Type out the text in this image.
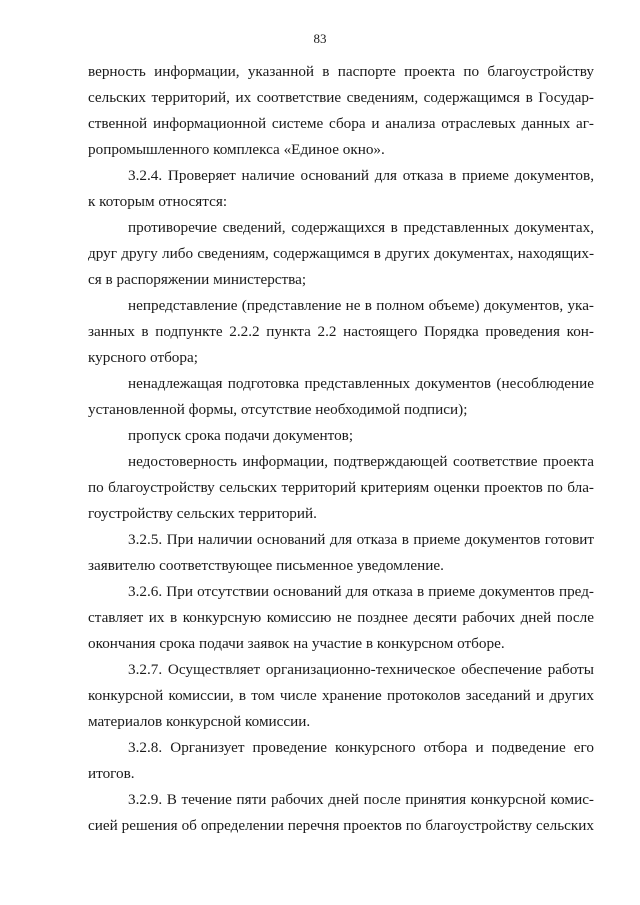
83
верность информации, указанной в паспорте проекта по благоустройству
сельских территорий, их соответствие сведениям, содержащимся в Государ-
ственной информационной системе сбора и анализа отраслевых данных аг-
ропромышленного комплекса «Единое окно».
3.2.4. Проверяет наличие оснований для отказа в приеме документов,
к которым относятся:
противоречие сведений, содержащихся в представленных документах,
друг другу либо сведениям, содержащимся в других документах, находящих-
ся в распоряжении министерства;
непредставление (представление не в полном объеме) документов, ука-
занных в подпункте 2.2.2 пункта 2.2 настоящего Порядка проведения кон-
курсного отбора;
ненадлежащая подготовка представленных документов (несоблюдение
установленной формы, отсутствие необходимой подписи);
пропуск срока подачи документов;
недостоверность информации, подтверждающей соответствие проекта
по благоустройству сельских территорий критериям оценки проектов по бла-
гоустройству сельских территорий.
3.2.5. При наличии оснований для отказа в приеме документов готовит
заявителю соответствующее письменное уведомление.
3.2.6. При отсутствии оснований для отказа в приеме документов пред-
ставляет их в конкурсную комиссию не позднее десяти рабочих дней после
окончания срока подачи заявок на участие в конкурсном отборе.
3.2.7. Осуществляет организационно-техническое обеспечение работы
конкурсной комиссии, в том числе хранение протоколов заседаний и других
материалов конкурсной комиссии.
3.2.8. Организует проведение конкурсного отбора и подведение его
итогов.
3.2.9. В течение пяти рабочих дней после принятия конкурсной комис-
сией решения об определении перечня проектов по благоустройству сельских
